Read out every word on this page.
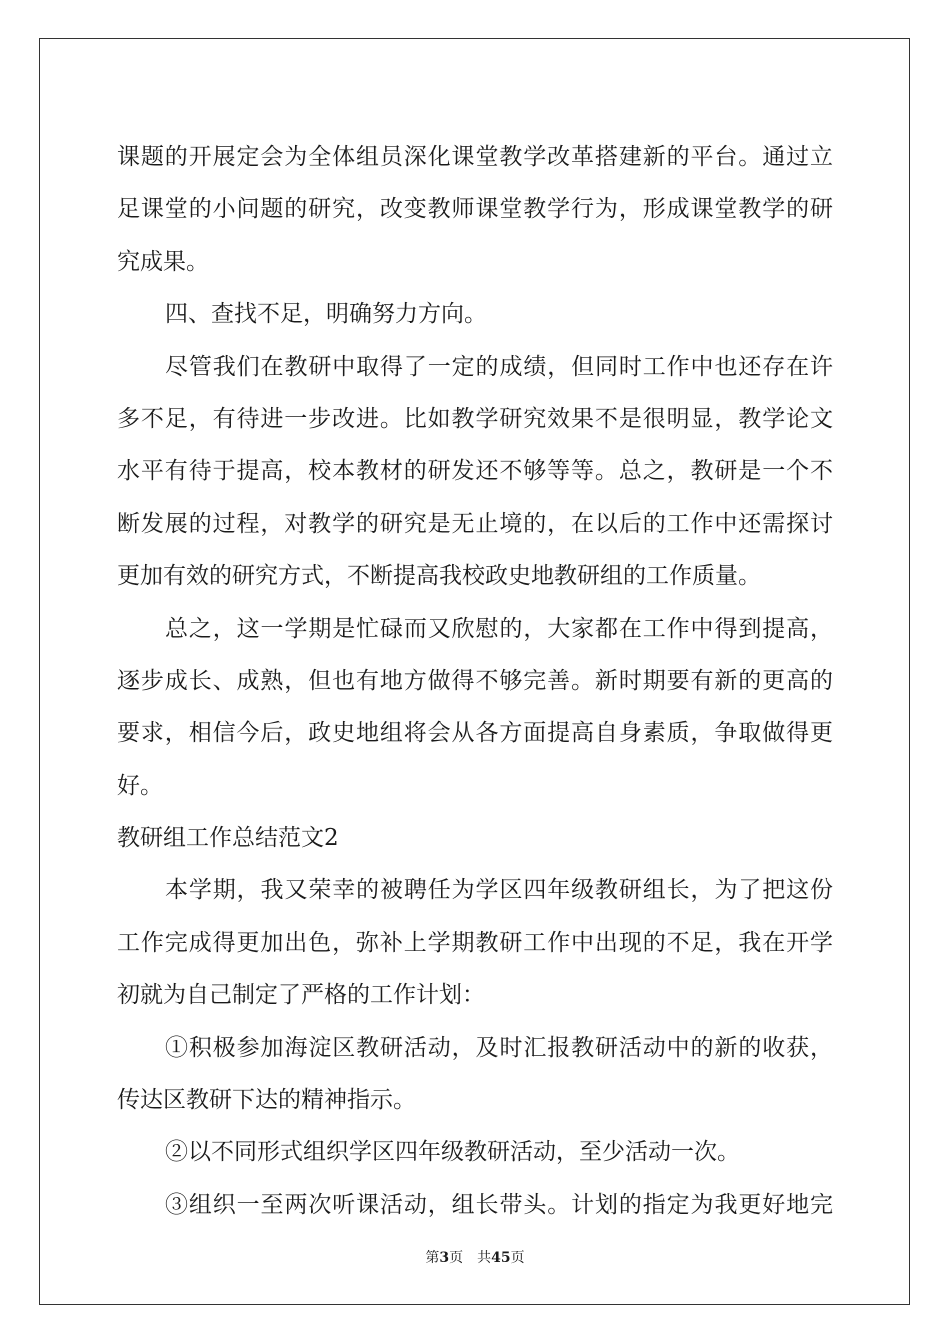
课题的开展定会为全体组员深化课堂教学改革搭建新的平台。通过立
足课堂的小问题的研究，改变教师课堂教学行为，形成课堂教学的研
究成果。
四、查找不足，明确努力方向。
尽管我们在教研中取得了一定的成绩，但同时工作中也还存在许
多不足，有待进一步改进。比如教学研究效果不是很明显，教学论文
水平有待于提高，校本教材的研发还不够等等。总之，教研是一个不
断发展的过程，对教学的研究是无止境的，在以后的工作中还需探讨
更加有效的研究方式，不断提高我校政史地教研组的工作质量。
总之，这一学期是忙碌而又欣慰的，大家都在工作中得到提高，
逐步成长、成熟，但也有地方做得不够完善。新时期要有新的更高的
要求，相信今后，政史地组将会从各方面提高自身素质，争取做得更
好。
教研组工作总结范文2
本学期，我又荣幸的被聘任为学区四年级教研组长，为了把这份
工作完成得更加出色，弥补上学期教研工作中出现的不足，我在开学
初就为自己制定了严格的工作计划：
①积极参加海淀区教研活动，及时汇报教研活动中的新的收获，
传达区教研下达的精神指示。
②以不同形式组织学区四年级教研活动，至少活动一次。
③组织一至两次听课活动，组长带头。计划的指定为我更好地完
第3页　共45页
